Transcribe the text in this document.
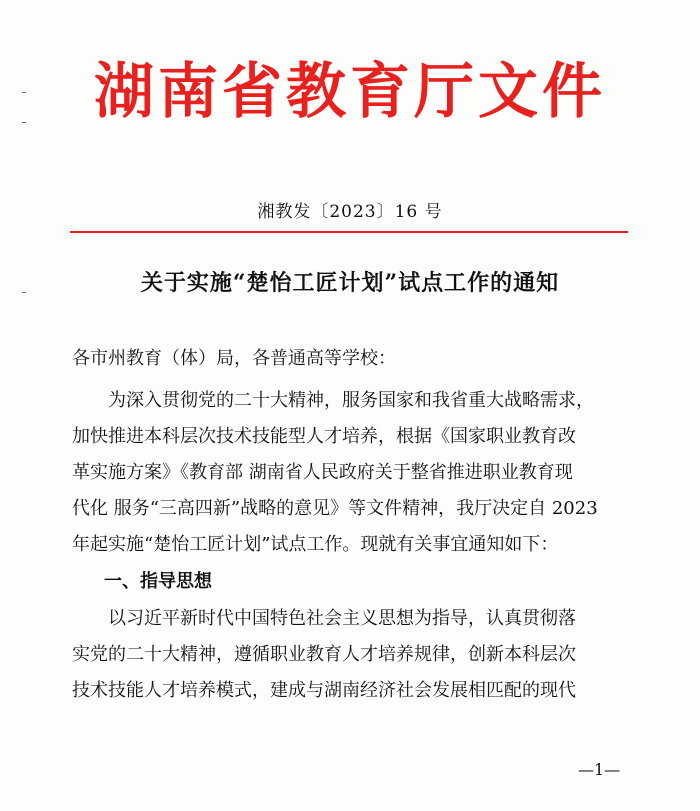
湖南省教育厅文件
湘教发〔2023〕16 号
关于实施“楚怡工匠计划”试点工作的通知
各市州教育（体）局，各普通高等学校：
为深入贯彻党的二十大精神，服务国家和我省重大战略需求，
加快推进本科层次技术技能型人才培养，根据《国家职业教育改
革实施方案》《教育部 湖南省人民政府关于整省推进职业教育现
代化 服务“三高四新”战略的意见》等文件精神，我厅决定自 2023
年起实施“楚怡工匠计划”试点工作。现就有关事宜通知如下：
一、指导思想
以习近平新时代中国特色社会主义思想为指导，认真贯彻落
实党的二十大精神，遵循职业教育人才培养规律，创新本科层次
技术技能人才培养模式，建成与湖南经济社会发展相匹配的现代
—1—
